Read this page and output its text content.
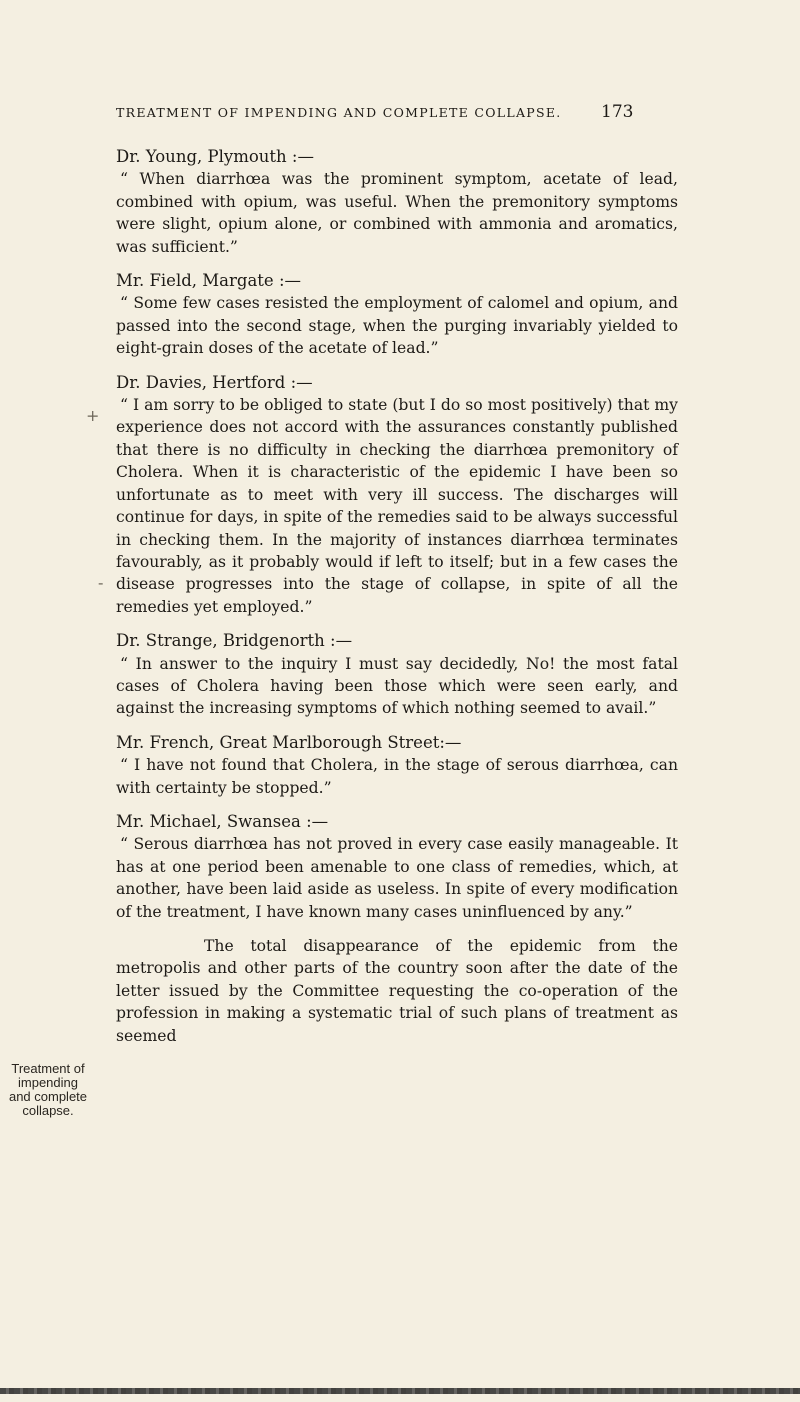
TREATMENT OF IMPENDING AND COMPLETE COLLAPSE. 173
+
-

Dr. Young, Plymouth :—

“ When diarrhœa was the prominent symptom, acetate of lead, combined with opium, was useful. When the premonitory symptoms were slight, opium alone, or combined with ammonia and aromatics, was sufficient.”

Mr. Field, Margate :—

“ Some few cases resisted the employment of calomel and opium, and passed into the second stage, when the purging invariably yielded to eight-grain doses of the acetate of lead.”

Dr. Davies, Hertford :—

“ I am sorry to be obliged to state (but I do so most positively) that my experience does not accord with the assurances constantly published that there is no difficulty in checking the diarrhœa premonitory of Cholera. When it is characteristic of the epidemic I have been so unfortunate as to meet with very ill success. The discharges will continue for days, in spite of the remedies said to be always successful in checking them. In the majority of instances diarrhœa terminates favourably, as it probably would if left to itself; but in a few cases the disease progresses into the stage of collapse, in spite of all the remedies yet employed.”

Dr. Strange, Bridgenorth :—

“ In answer to the inquiry I must say decidedly, No! the most fatal cases of Cholera having been those which were seen early, and against the increasing symptoms of which nothing seemed to avail.”

Mr. French, Great Marlborough Street:—

“ I have not found that Cholera, in the stage of serous diarrhœa, can with certainty be stopped.”

Mr. Michael, Swansea :—

“ Serous diarrhœa has not proved in every case easily manageable. It has at one period been amenable to one class of remedies, which, at another, have been laid aside as useless. In spite of every modification of the treatment, I have known many cases uninfluenced by any.”

The total disappearance of the epidemic from the metropolis and other parts of the country soon after the date of the letter issued by the Committee requesting the co-operation of the profession in making a systematic trial of such plans of treatment as seemed

Treatment of
impending
and complete
collapse.
